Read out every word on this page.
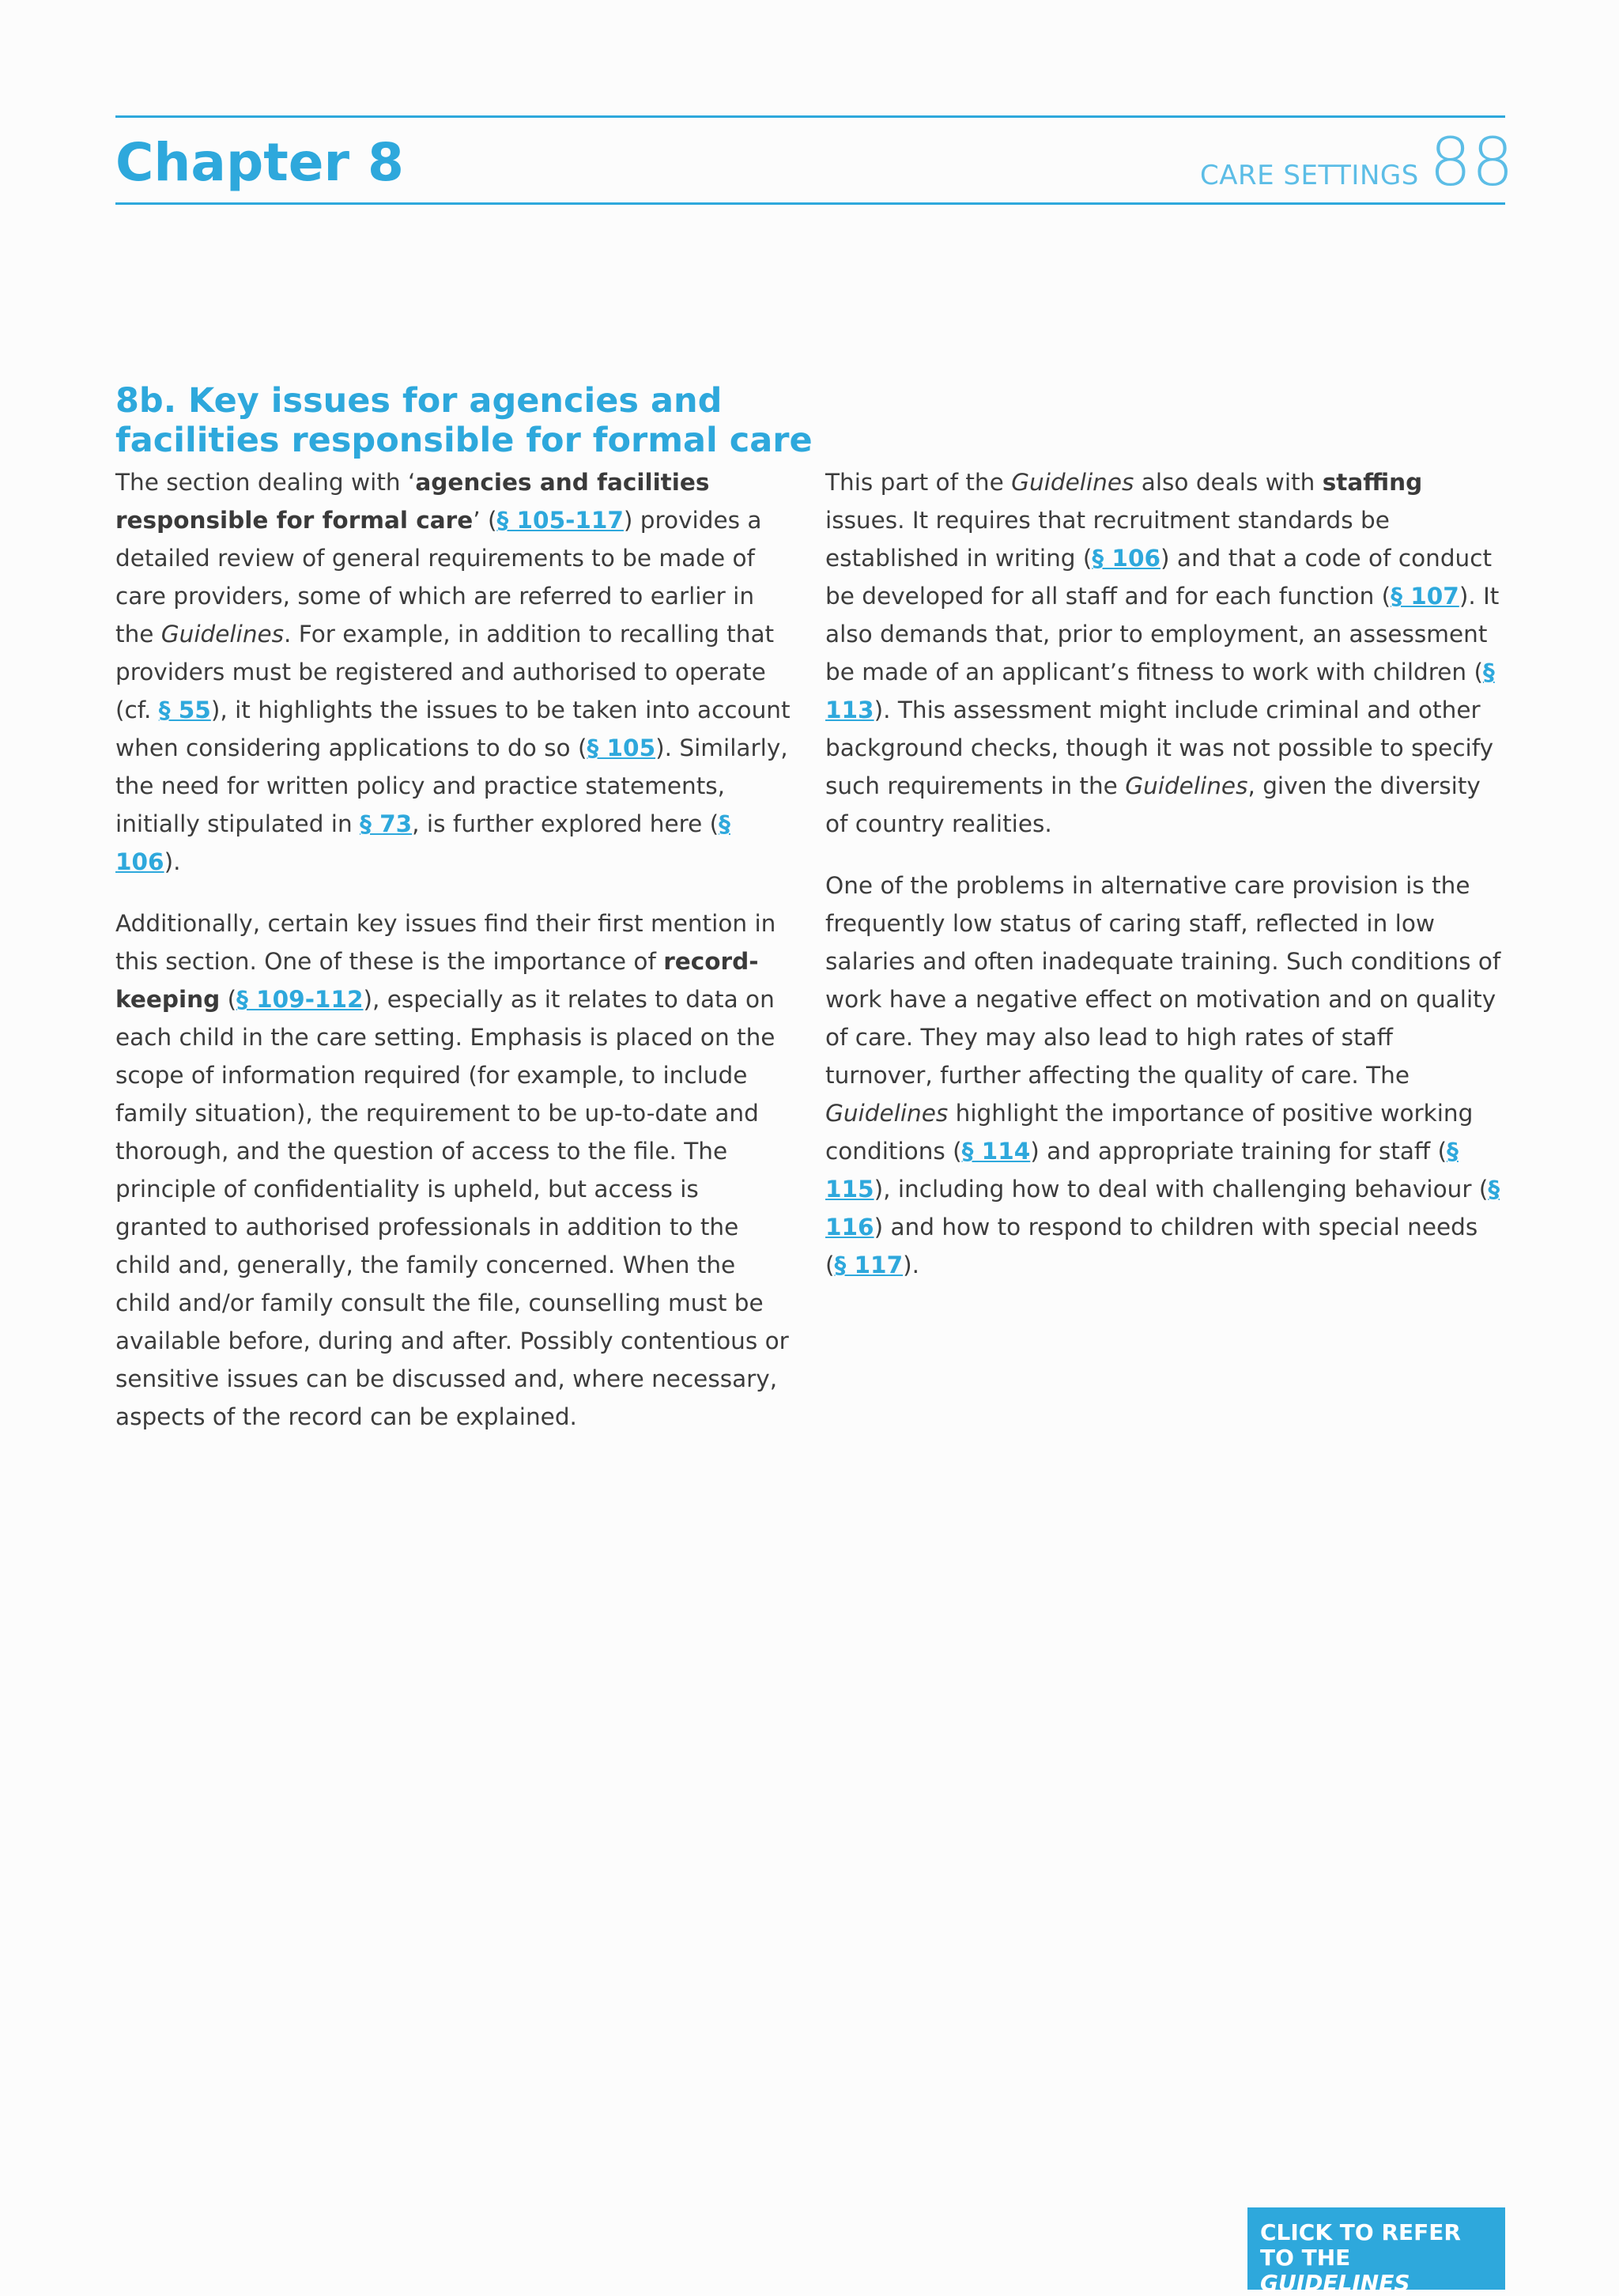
Chapter 8	CARE SETTINGS 88
8b. Key issues for agencies and facilities responsible for formal care

The section dealing with ‘agencies and facilities responsible for formal care’ (§ 105-117) provides a detailed review of general requirements to be made of care providers, some of which are referred to earlier in the Guidelines. For example, in addition to recalling that providers must be registered and authorised to operate (cf. § 55), it highlights the issues to be taken into account when considering applications to do so (§ 105). Similarly, the need for written policy and practice statements, initially stipulated in § 73, is further explored here (§ 106).

Additionally, certain key issues find their first mention in this section. One of these is the importance of record-keeping (§ 109-112), especially as it relates to data on each child in the care setting. Emphasis is placed on the scope of information required (for example, to include family situation), the requirement to be up-to-date and thorough, and the question of access to the file. The principle of confidentiality is upheld, but access is granted to authorised professionals in addition to the child and, generally, the family concerned. When the child and/or family consult the file, counselling must be available before, during and after. Possibly contentious or sensitive issues can be discussed and, where necessary, aspects of the record can be explained.

This part of the Guidelines also deals with staffing issues. It requires that recruitment standards be established in writing (§ 106) and that a code of conduct be developed for all staff and for each function (§ 107). It also demands that, prior to employment, an assessment be made of an applicant’s fitness to work with children (§ 113). This assessment might include criminal and other background checks, though it was not possible to specify such requirements in the Guidelines, given the diversity of country realities.

One of the problems in alternative care provision is the frequently low status of caring staff, reflected in low salaries and often inadequate training. Such conditions of work have a negative effect on motivation and on quality of care. They may also lead to high rates of staff turnover, further affecting the quality of care. The Guidelines highlight the importance of positive working conditions (§ 114) and appropriate training for staff (§ 115), including how to deal with challenging behaviour (§ 116) and how to respond to children with special needs (§ 117).

CLICK TO REFER
TO THE GUIDELINES
